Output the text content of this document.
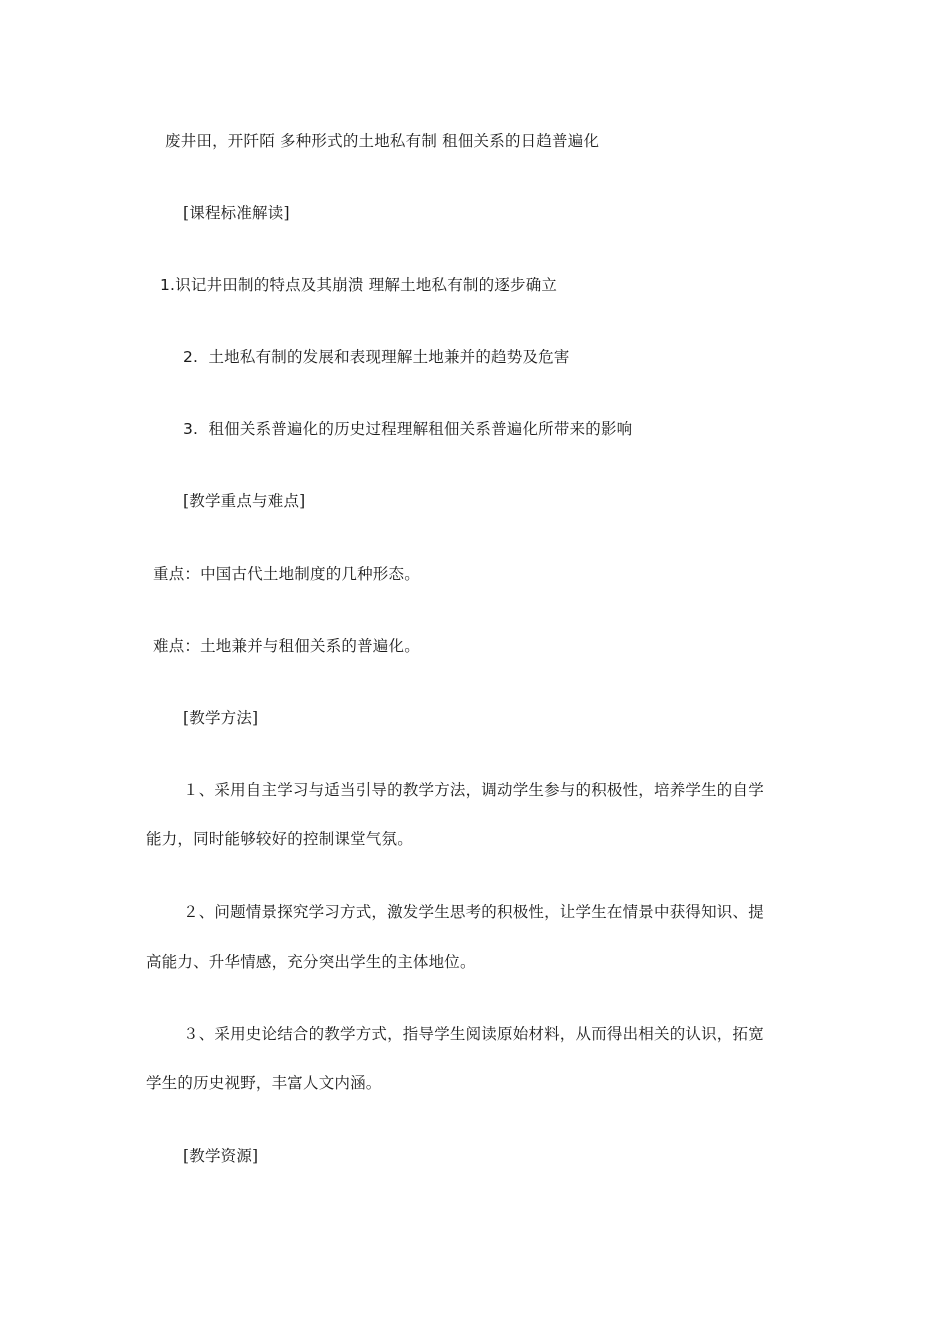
废井田，开阡陌 多种形式的土地私有制 租佃关系的日趋普遍化
[课程标准解读]
1.识记井田制的特点及其崩溃 理解土地私有制的逐步确立
2. 土地私有制的发展和表现理解土地兼并的趋势及危害
3. 租佃关系普遍化的历史过程理解租佃关系普遍化所带来的影响
[教学重点与难点]
重点：中国古代土地制度的几种形态。
难点：土地兼并与租佃关系的普遍化。
[教学方法]
１、采用自主学习与适当引导的教学方法，调动学生参与的积极性，培养学生的自学
能力，同时能够较好的控制课堂气氛。
２、问题情景探究学习方式，激发学生思考的积极性，让学生在情景中获得知识、提
高能力、升华情感，充分突出学生的主体地位。
３、采用史论结合的教学方式，指导学生阅读原始材料，从而得出相关的认识，拓宽
学生的历史视野，丰富人文内涵。
[教学资源]
